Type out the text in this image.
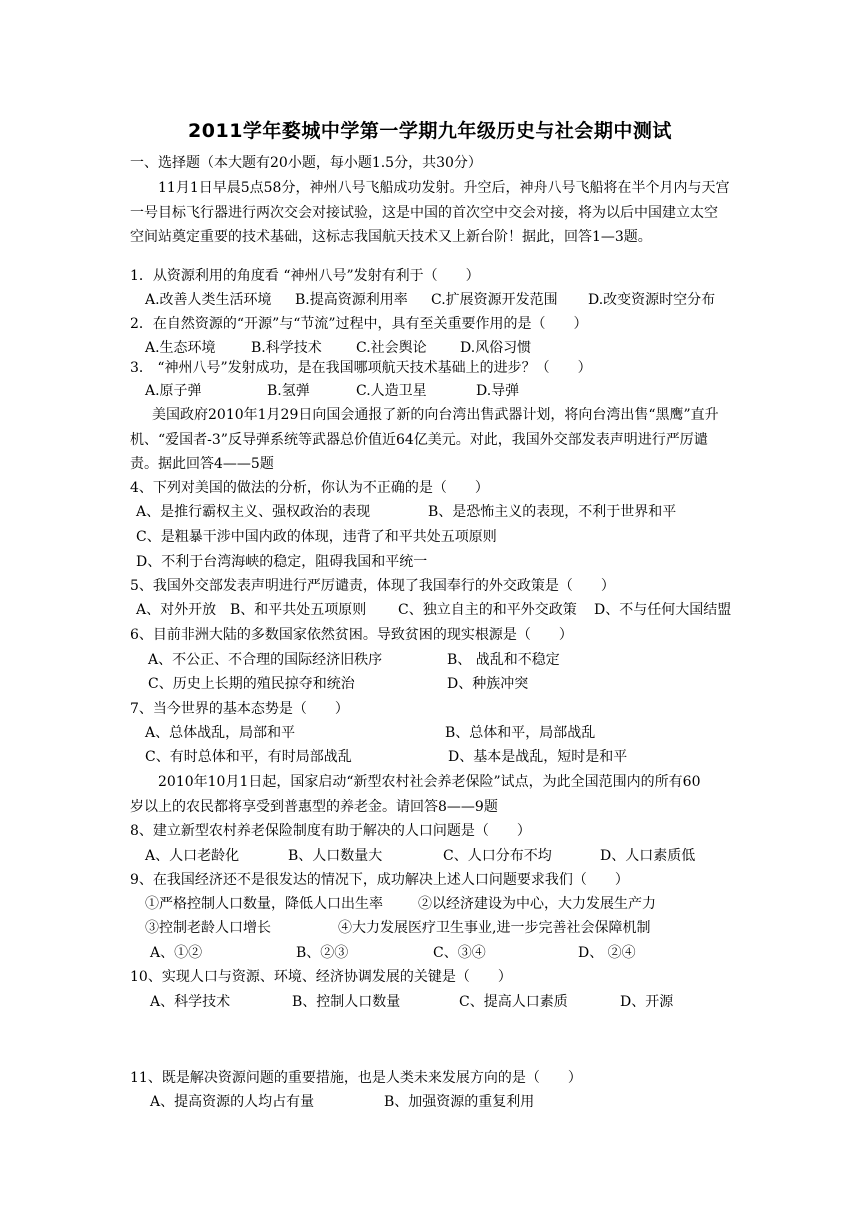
2011学年婺城中学第一学期九年级历史与社会期中测试
一、选择题（本大题有20小题，每小题1.5分，共30分）
11月1日早晨5点58分，神州八号飞船成功发射。升空后，神舟八号飞船将在半个月内与天宫一号目标飞行器进行两次交会对接试验，这是中国的首次空中交会对接，将为以后中国建立太空空间站奠定重要的技术基础，这标志我国航天技术又上新台阶！据此，回答1—3题。
1．从资源利用的角度看 “神州八号”发射有利于（　　）
A.改善人类生活环境 B.提高资源利用率 C.扩展资源开发范围 D.改变资源时空分布
2．在自然资源的“开源”与“节流”过程中，具有至关重要作用的是（　　）
A.生态环境	B.科学技术 C.社会舆论 D.风俗习惯
3． “神州八号”发射成功，是在我国哪项航天技术基础上的进步？（　　）
A.原子弹	B.氢弹	C.人造卫星	D.导弹
美国政府2010年1月29日向国会通报了新的向台湾出售武器计划，将向台湾出售“黑鹰”直升机、“爱国者-3”反导弹系统等武器总价值近64亿美元。对此，我国外交部发表声明进行严厉谴责。据此回答4——5题
4、下列对美国的做法的分析，你认为不正确的是（　　）
A、是推行霸权主义、强权政治的表现	B、是恐怖主义的表现，不利于世界和平
C、是粗暴干涉中国内政的体现，违背了和平共处五项原则
D、不利于台湾海峡的稳定，阻碍我国和平统一
5、我国外交部发表声明进行严厉谴责，体现了我国奉行的外交政策是（　　）
A、对外开放 B、和平共处五项原则 C、独立自主的和平外交政策 D、不与任何大国结盟
6、目前非洲大陆的多数国家依然贫困。导致贫困的现实根源是（　　）
A、不公正、不合理的国际经济旧秩序	B、 战乱和不稳定
C、历史上长期的殖民掠夺和统治	D、种族冲突
7、当今世界的基本态势是（　　）
A、总体战乱，局部和平	B、总体和平，局部战乱
C、有时总体和平，有时局部战乱	D、基本是战乱，短时是和平
2010年10月1日起，国家启动“新型农村社会养老保险”试点，为此全国范围内的所有60岁以上的农民都将享受到普惠型的养老金。请回答8——9题
8、建立新型农村养老保险制度有助于解决的人口问题是（　　）
A、人口老龄化	B、人口数量大	C、人口分布不均	D、人口素质低
9、在我国经济还不是很发达的情况下，成功解决上述人口问题要求我们（　　）
①严格控制人口数量，降低人口出生率	②以经济建设为中心，大力发展生产力
③控制老龄人口增长	④大力发展医疗卫生事业,进一步完善社会保障机制
A、①②	B、②③	C、③④	D、 ②④
10、实现人口与资源、环境、经济协调发展的关键是（　　）
A、科学技术	B、控制人口数量	C、提高人口素质	D、开源
11、既是解决资源问题的重要措施，也是人类未来发展方向的是（　　）
A、提高资源的人均占有量	B、加强资源的重复利用
